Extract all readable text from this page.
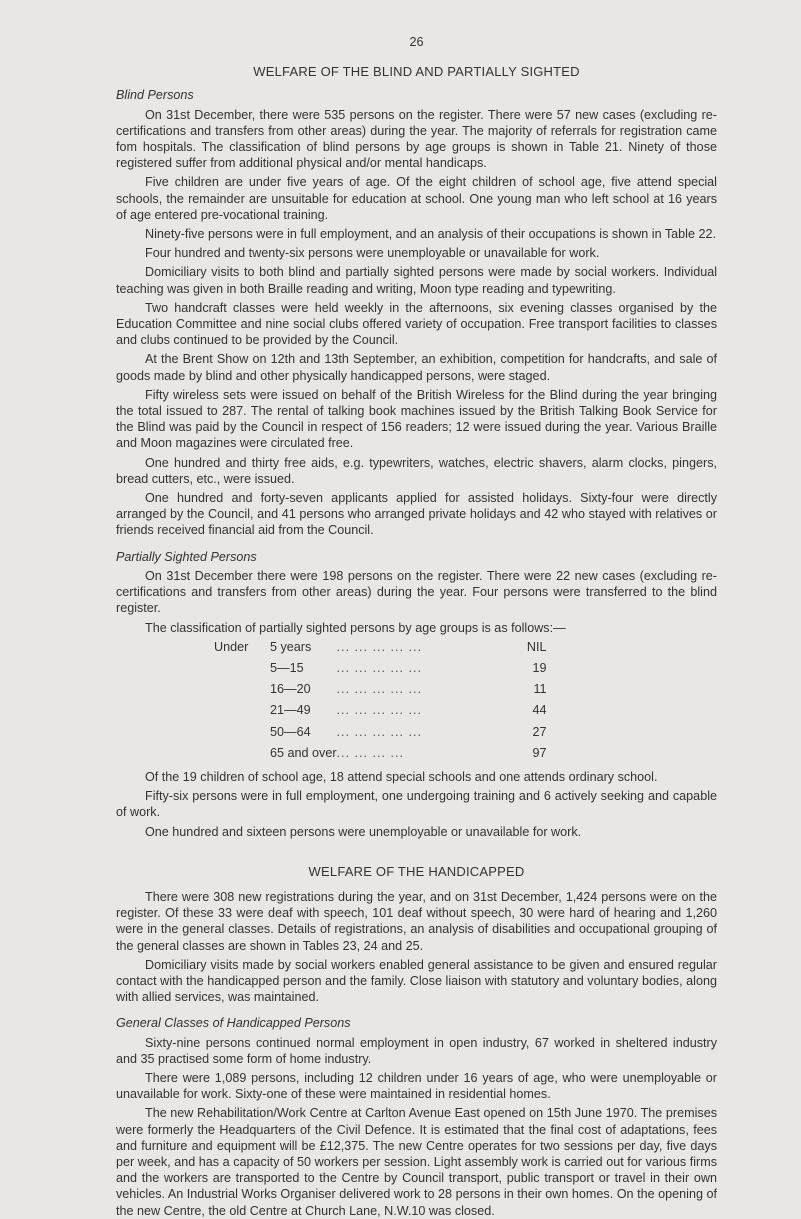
26
WELFARE OF THE BLIND AND PARTIALLY SIGHTED
Blind Persons

On 31st December, there were 535 persons on the register. There were 57 new cases (excluding re-certifications and transfers from other areas) during the year. The majority of referrals for registration came fom hospitals. The classification of blind persons by age groups is shown in Table 21. Ninety of those registered suffer from additional physical and/or mental handicaps.

Five children are under five years of age. Of the eight children of school age, five attend special schools, the remainder are unsuitable for education at school. One young man who left school at 16 years of age entered pre-vocational training.

Ninety-five persons were in full employment, and an analysis of their occupations is shown in Table 22.

Four hundred and twenty-six persons were unemployable or unavailable for work.

Domiciliary visits to both blind and partially sighted persons were made by social workers. Individual teaching was given in both Braille reading and writing, Moon type reading and typewriting.

Two handcraft classes were held weekly in the afternoons, six evening classes organised by the Education Committee and nine social clubs offered variety of occupation. Free transport facilities to classes and clubs continued to be provided by the Council.

At the Brent Show on 12th and 13th September, an exhibition, competition for handcrafts, and sale of goods made by blind and other physically handicapped persons, were staged.

Fifty wireless sets were issued on behalf of the British Wireless for the Blind during the year bringing the total issued to 287. The rental of talking book machines issued by the British Talking Book Service for the Blind was paid by the Council in respect of 156 readers; 12 were issued during the year. Various Braille and Moon magazines were circulated free.

One hundred and thirty free aids, e.g. typewriters, watches, electric shavers, alarm clocks, pingers, bread cutters, etc., were issued.

One hundred and forty-seven applicants applied for assisted holidays. Sixty-four were directly arranged by the Council, and 41 persons who arranged private holidays and 42 who stayed with relatives or friends received financial aid from the Council.

Partially Sighted Persons

On 31st December there were 198 persons on the register. There were 22 new cases (excluding re-certifications and transfers from other areas) during the year. Four persons were transferred to the blind register.

The classification of partially sighted persons by age groups is as follows:—

Under	5 years	... ... ... ... ...	NIL
	5—15	... ... ... ... ...	19
	16—20	... ... ... ... ...	11
	21—49	... ... ... ... ...	44
	50—64	... ... ... ... ...	27
	65 and over	... ... ... ...	97

Of the 19 children of school age, 18 attend special schools and one attends ordinary school.

Fifty-six persons were in full employment, one undergoing training and 6 actively seeking and capable of work.

One hundred and sixteen persons were unemployable or unavailable for work.

WELFARE OF THE HANDICAPPED

There were 308 new registrations during the year, and on 31st December, 1,424 persons were on the register. Of these 33 were deaf with speech, 101 deaf without speech, 30 were hard of hearing and 1,260 were in the general classes. Details of registrations, an analysis of disabilities and occupational grouping of the general classes are shown in Tables 23, 24 and 25.

Domiciliary visits made by social workers enabled general assistance to be given and ensured regular contact with the handicapped person and the family. Close liaison with statutory and voluntary bodies, along with allied services, was maintained.

General Classes of Handicapped Persons

Sixty-nine persons continued normal employment in open industry, 67 worked in sheltered industry and 35 practised some form of home industry.

There were 1,089 persons, including 12 children under 16 years of age, who were unemployable or unavailable for work. Sixty-one of these were maintained in residential homes.

The new Rehabilitation/Work Centre at Carlton Avenue East opened on 15th June 1970. The premises were formerly the Headquarters of the Civil Defence. It is estimated that the final cost of adaptations, fees and furniture and equipment will be £12,375. The new Centre operates for two sessions per day, five days per week, and has a capacity of 50 workers per session. Light assembly work is carried out for various firms and the workers are transported to the Centre by Council transport, public transport or travel in their own vehicles. An Industrial Works Organiser delivered work to 28 persons in their own homes. On the opening of the new Centre, the old Centre at Church Lane, N.W.10 was closed.
